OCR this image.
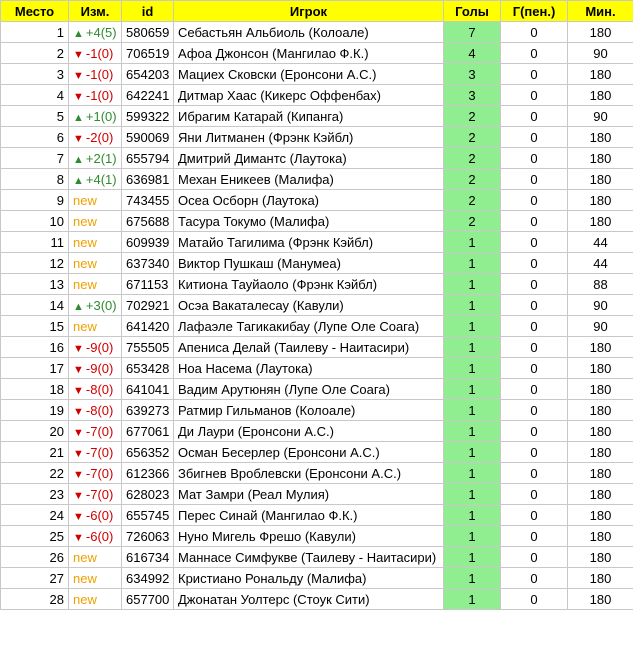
Место	Изм.	id	Игрок	Голы	Г(пен.)	Мин.
1	▲ +4(5)	580659	Себастьян Альбиоль (Колоале)	7	0	180
2	▼ -1(0)	706519	Афоа Джонсон (Мангилао Ф.К.)	4	0	90
3	▼ -1(0)	654203	Мациех Сковски (Еронсони А.С.)	3	0	180
4	▼ -1(0)	642241	Дитмар Хаас (Кикерс Оффенбах)	3	0	180
5	▲ +1(0)	599322	Ибрагим Катарай (Кипанга)	2	0	90
6	▼ -2(0)	590069	Яни Литманен (Фрэнк Кэйбл)	2	0	180
7	▲ +2(1)	655794	Дмитрий Димантс (Лаутока)	2	0	180
8	▲ +4(1)	636981	Механ Еникеев (Малифа)	2	0	180
9	new	743455	Осеа Осборн (Лаутока)	2	0	180
10	new	675688	Тасура Токумо (Малифа)	2	0	180
11	new	609939	Матайо Тагилима (Фрэнк Кэйбл)	1	0	44
12	new	637340	Виктор Пушкаш (Манумеа)	1	0	44
13	new	671153	Китиона Тауйаоло (Фрэнк Кэйбл)	1	0	88
14	▲ +3(0)	702921	Осэа Вакаталесау (Кавули)	1	0	90
15	new	641420	Лафаэле Тагикакибау (Лупе Оле Соага)	1	0	90
16	▼ -9(0)	755505	Апениса Делай (Таилеву - Наитасири)	1	0	180
17	▼ -9(0)	653428	Ноа Насема (Лаутока)	1	0	180
18	▼ -8(0)	641041	Вадим Арутюнян (Лупе Оле Соага)	1	0	180
19	▼ -8(0)	639273	Ратмир Гильманов (Колоале)	1	0	180
20	▼ -7(0)	677061	Ди Лаури (Еронсони А.С.)	1	0	180
21	▼ -7(0)	656352	Осман Бесерлер (Еронсони А.С.)	1	0	180
22	▼ -7(0)	612366	Збигнев Вроблевски (Еронсони А.С.)	1	0	180
23	▼ -7(0)	628023	Мат Замри (Реал Мулия)	1	0	180
24	▼ -6(0)	655745	Перес Синай (Мангилао Ф.К.)	1	0	180
25	▼ -6(0)	726063	Нуно Мигель Фрешо (Кавули)	1	0	180
26	new	616734	Маннасе Симфукве (Таилеву - Наитасири)	1	0	180
27	new	634992	Кристиано Рональду (Малифа)	1	0	180
28	new	657700	Джонатан Уолтерс (Стоук Сити)	1	0	180
